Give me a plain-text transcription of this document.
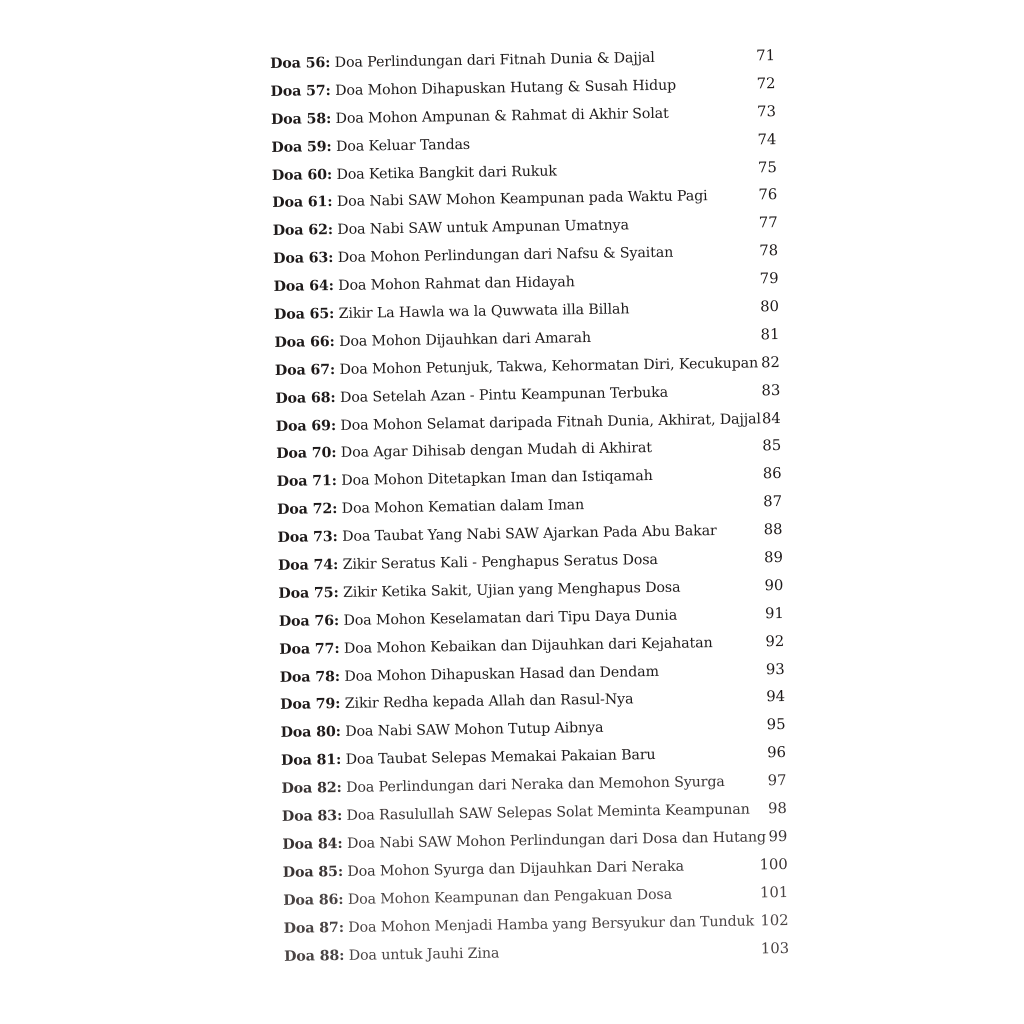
Doa 56: Doa Perlindungan dari Fitnah Dunia & Dajjal	71
Doa 57: Doa Mohon Dihapuskan Hutang & Susah Hidup	72
Doa 58: Doa Mohon Ampunan & Rahmat di Akhir Solat	73
Doa 59: Doa Keluar Tandas	74
Doa 60: Doa Ketika Bangkit dari Rukuk	75
Doa 61: Doa Nabi SAW Mohon Keampunan pada Waktu Pagi	76
Doa 62: Doa Nabi SAW untuk Ampunan Umatnya	77
Doa 63: Doa Mohon Perlindungan dari Nafsu & Syaitan	78
Doa 64: Doa Mohon Rahmat dan Hidayah	79
Doa 65: Zikir La Hawla wa la Quwwata illa Billah	80
Doa 66: Doa Mohon Dijauhkan dari Amarah	81
Doa 67: Doa Mohon Petunjuk, Takwa, Kehormatan Diri, Kecukupan 82
Doa 68: Doa Setelah Azan - Pintu Keampunan Terbuka	83
Doa 69: Doa Mohon Selamat daripada Fitnah Dunia, Akhirat, Dajjal 84
Doa 70: Doa Agar Dihisab dengan Mudah di Akhirat	85
Doa 71: Doa Mohon Ditetapkan Iman dan Istiqamah	86
Doa 72: Doa Mohon Kematian dalam Iman	87
Doa 73: Doa Taubat Yang Nabi SAW Ajarkan Pada Abu Bakar	88
Doa 74: Zikir Seratus Kali - Penghapus Seratus Dosa	89
Doa 75: Zikir Ketika Sakit, Ujian yang Menghapus Dosa	90
Doa 76: Doa Mohon Keselamatan dari Tipu Daya Dunia	91
Doa 77: Doa Mohon Kebaikan dan Dijauhkan dari Kejahatan	92
Doa 78: Doa Mohon Dihapuskan Hasad dan Dendam	93
Doa 79: Zikir Redha kepada Allah dan Rasul-Nya	94
Doa 80: Doa Nabi SAW Mohon Tutup Aibnya	95
Doa 81: Doa Taubat Selepas Memakai Pakaian Baru	96
Doa 82: Doa Perlindungan dari Neraka dan Memohon Syurga	97
Doa 83: Doa Rasulullah SAW Selepas Solat Meminta Keampunan	98
Doa 84: Doa Nabi SAW Mohon Perlindungan dari Dosa dan Hutang 99
Doa 85: Doa Mohon Syurga dan Dijauhkan Dari Neraka	100
Doa 86: Doa Mohon Keampunan dan Pengakuan Dosa	101
Doa 87: Doa Mohon Menjadi Hamba yang Bersyukur dan Tunduk 102
Doa 88: Doa untuk Jauhi Zina	103
